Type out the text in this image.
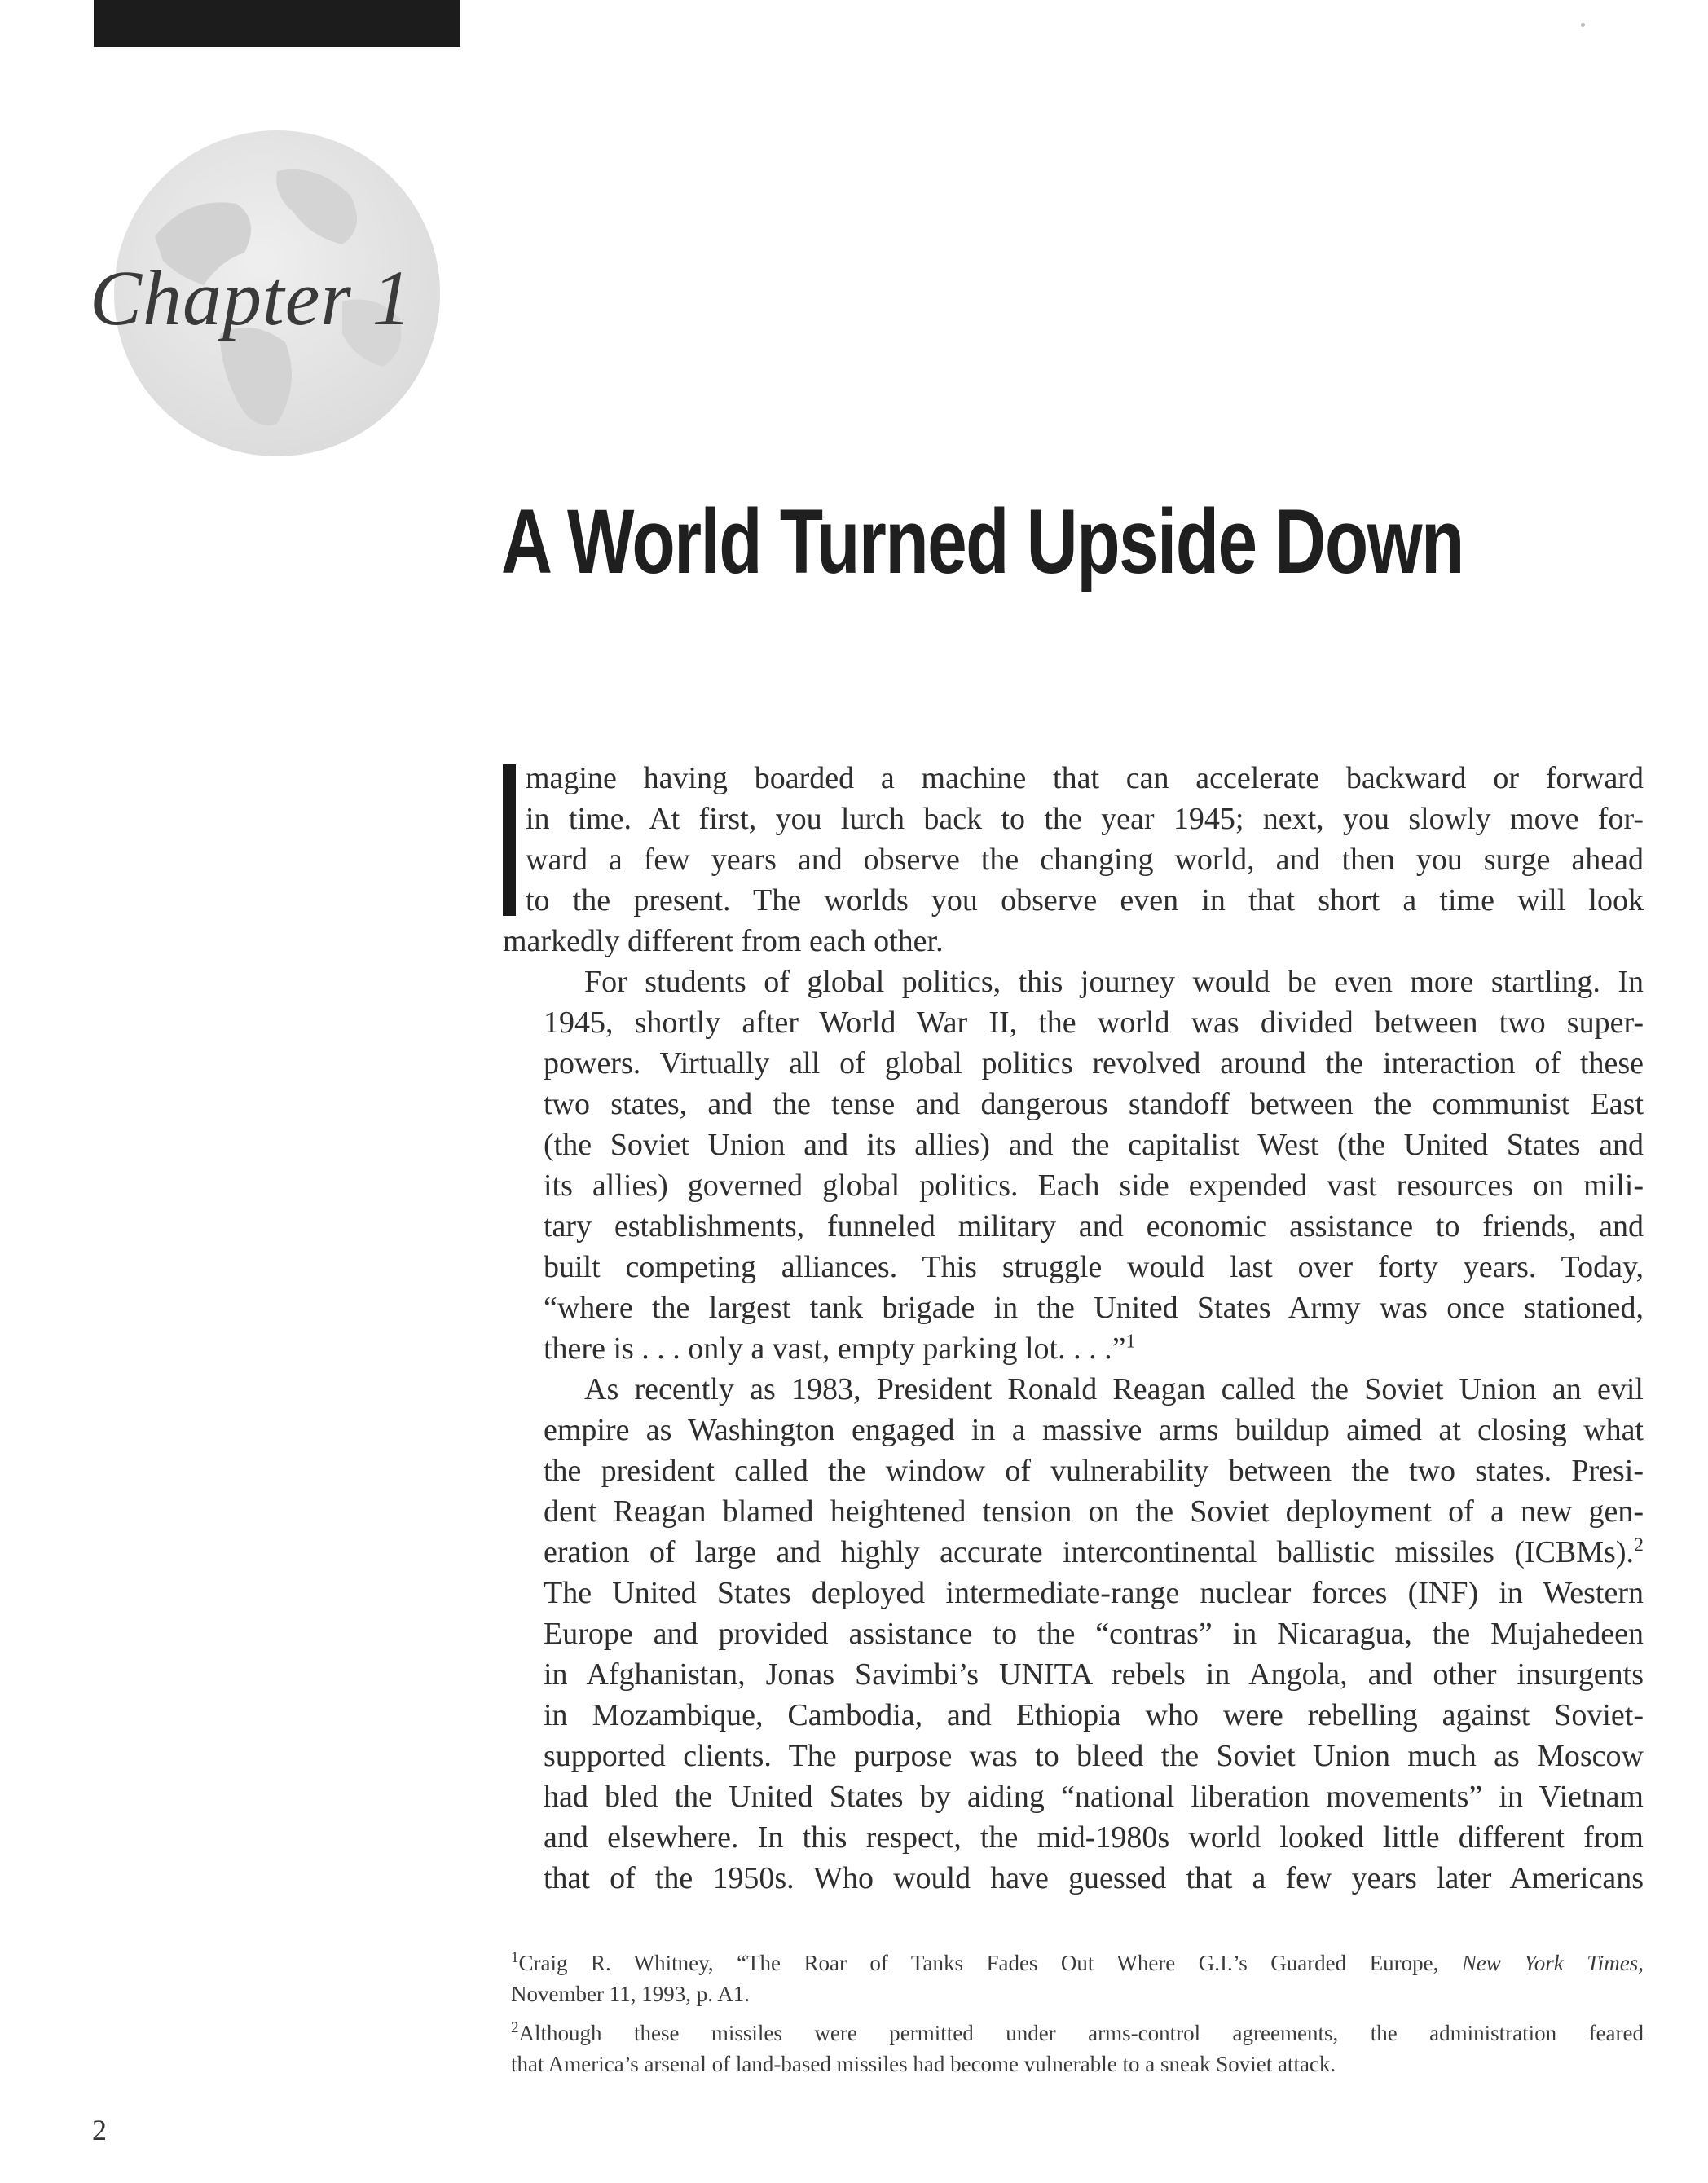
Chapter 1
A World Turned Upside Down
magine having boarded a machine that can accelerate backward or forward
in time. At first, you lurch back to the year 1945; next, you slowly move for-
ward a few years and observe the changing world, and then you surge ahead
to the present. The worlds you observe even in that short a time will look
markedly different from each other.
For students of global politics, this journey would be even more startling. In
1945, shortly after World War II, the world was divided between two super-
powers. Virtually all of global politics revolved around the interaction of these
two states, and the tense and dangerous standoff between the communist East
(the Soviet Union and its allies) and the capitalist West (the United States and
its allies) governed global politics. Each side expended vast resources on mili-
tary establishments, funneled military and economic assistance to friends, and
built competing alliances. This struggle would last over forty years. Today,
“where the largest tank brigade in the United States Army was once stationed,
there is . . . only a vast, empty parking lot. . . .”$^1$
As recently as 1983, President Ronald Reagan called the Soviet Union an evil
empire as Washington engaged in a massive arms buildup aimed at closing what
the president called the window of vulnerability between the two states. Presi-
dent Reagan blamed heightened tension on the Soviet deployment of a new gen-
eration of large and highly accurate intercontinental ballistic missiles (ICBMs).$^2$
The United States deployed intermediate-range nuclear forces (INF) in Western
Europe and provided assistance to the “contras” in Nicaragua, the Mujahedeen
in Afghanistan, Jonas Savimbi’s UNITA rebels in Angola, and other insurgents
in Mozambique, Cambodia, and Ethiopia who were rebelling against Soviet-
supported clients. The purpose was to bleed the Soviet Union much as Moscow
had bled the United States by aiding “national liberation movements” in Vietnam
and elsewhere. In this respect, the mid-1980s world looked little different from
that of the 1950s. Who would have guessed that a few years later Americans
$^1$Craig R. Whitney, “The Roar of Tanks Fades Out Where G.I.’s Guarded Europe, New York Times,
November 11, 1993, p. A1.
$^2$Although these missiles were permitted under arms-control agreements, the administration feared
that America’s arsenal of land-based missiles had become vulnerable to a sneak Soviet attack.
2
